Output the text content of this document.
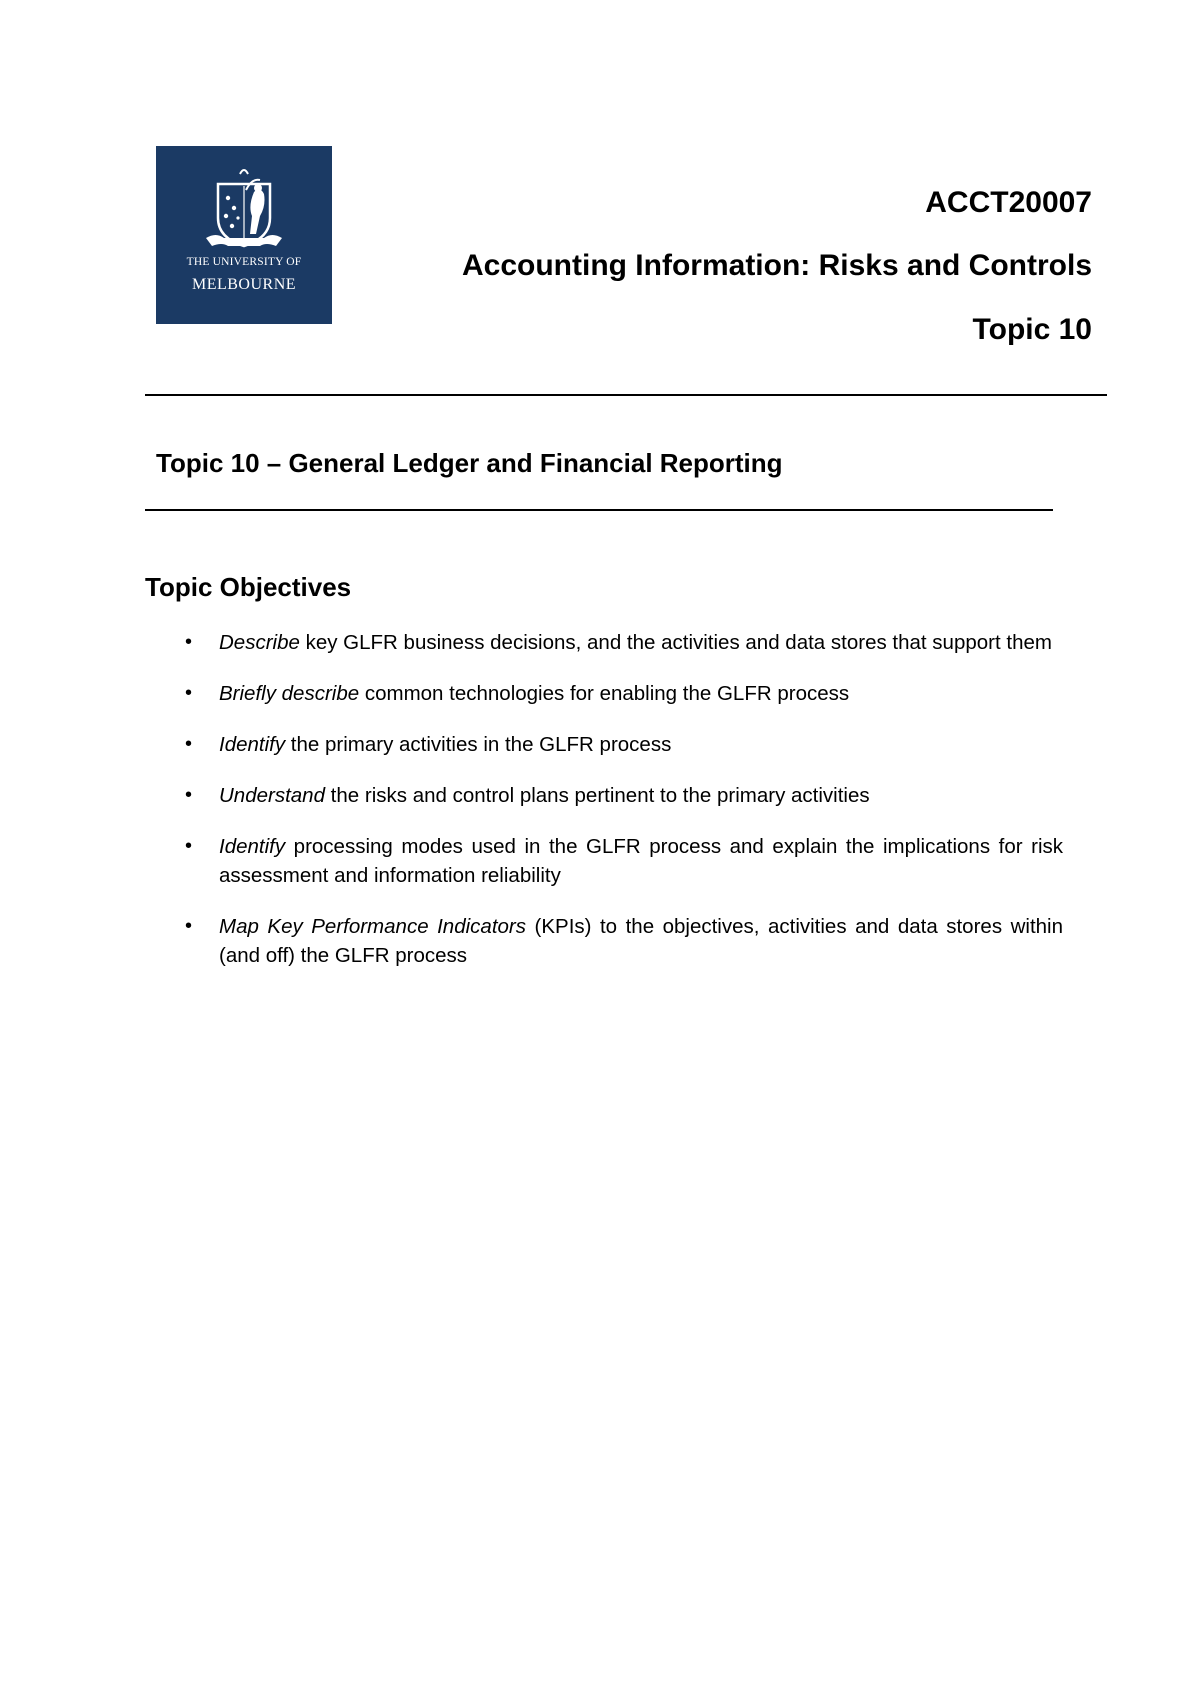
THE UNIVERSITY OF
MELBOURNE
ACCT20007
Accounting Information: Risks and Controls
Topic 10
Topic 10 – General Ledger and Financial Reporting
Topic Objectives
• Describe key GLFR business decisions, and the activities and data stores that support them
• Briefly describe common technologies for enabling the GLFR process
• Identify the primary activities in the GLFR process
• Understand the risks and control plans pertinent to the primary activities
• Identify processing modes used in the GLFR process and explain the implications for risk assessment and information reliability
• Map Key Performance Indicators (KPIs) to the objectives, activities and data stores within (and off) the GLFR process
